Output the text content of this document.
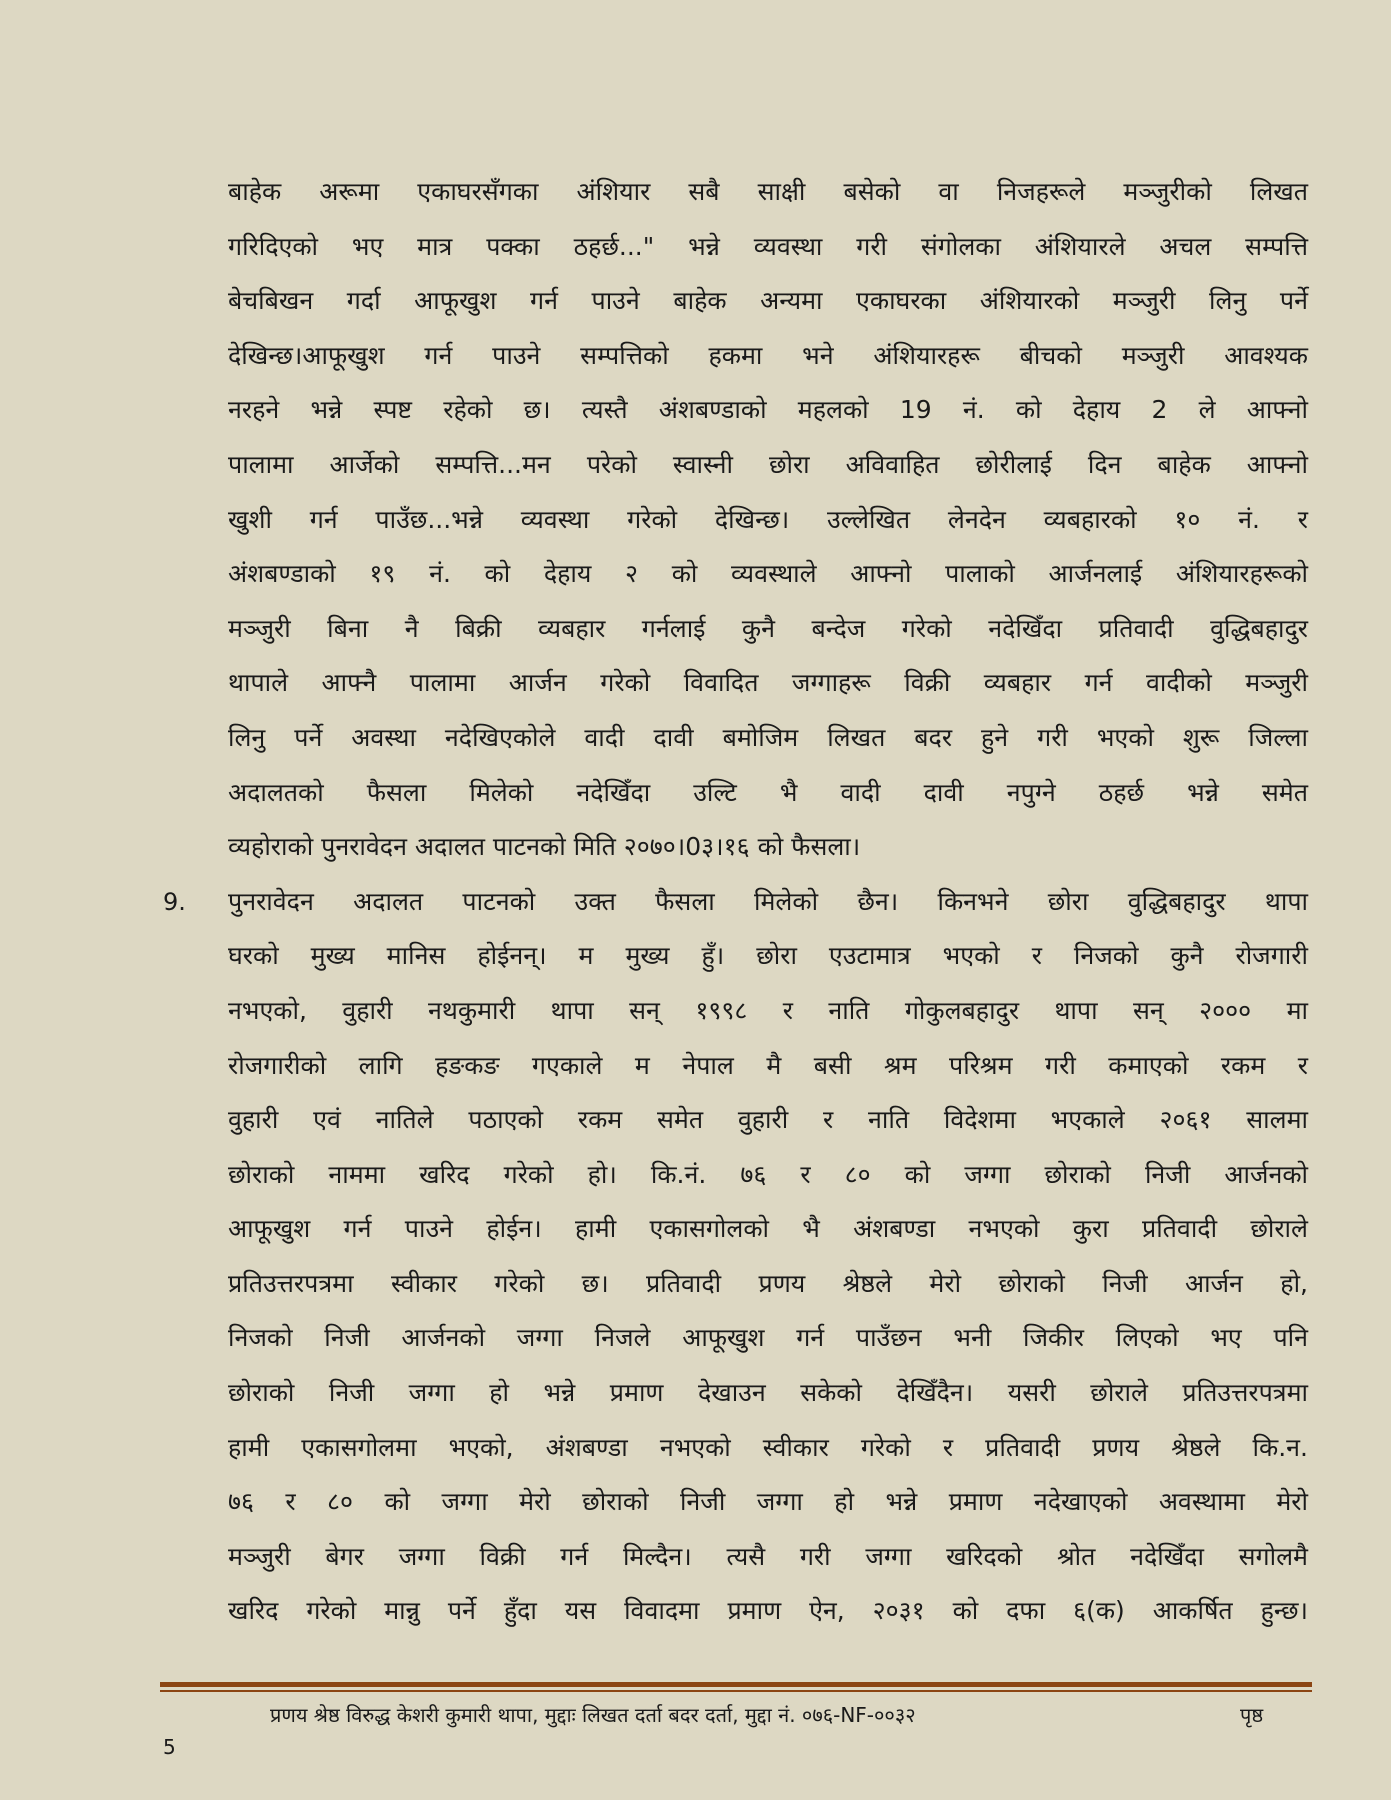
बाहेक अरूमा एकाघरसँगका अंशियार सबै साक्षी बसेको वा निजहरूले मञ्जुरीको लिखत
गरिदिएको भए मात्र पक्का ठहर्छ..." भन्ने व्यवस्था गरी संगोलका अंशियारले अचल सम्पत्ति
बेचबिखन गर्दा आफूखुश गर्न पाउने बाहेक अन्यमा एकाघरका अंशियारको मञ्जुरी लिनु पर्ने
देखिन्छ।आफूखुश गर्न पाउने सम्पत्तिको हकमा भने अंशियारहरू बीचको मञ्जुरी आवश्यक
नरहने भन्ने स्पष्ट रहेको छ। त्यस्तै अंशबण्डाको महलको 19 नं. को देहाय 2 ले आफ्नो
पालामा आर्जेको सम्पत्ति...मन परेको स्वास्नी छोरा अविवाहित छोरीलाई दिन बाहेक आफ्नो
खुशी गर्न पाउँछ...भन्ने व्यवस्था गरेको देखिन्छ। उल्लेखित लेनदेन व्यबहारको १० नं. र
अंशबण्डाको १९ नं. को देहाय २ को व्यवस्थाले आफ्नो पालाको आर्जनलाई अंशियारहरूको
मञ्जुरी बिना नै बिक्री व्यबहार गर्नलाई कुनै बन्देज गरेको नदेखिँदा प्रतिवादी वुद्धिबहादुर
थापाले आफ्नै पालामा आर्जन गरेको विवादित जग्गाहरू विक्री व्यबहार गर्न वादीको मञ्जुरी
लिनु पर्ने अवस्था नदेखिएकोले वादी दावी बमोजिम लिखत बदर हुने गरी भएको शुरू जिल्ला
अदालतको फैसला मिलेको नदेखिँदा उल्टि भै वादी दावी नपुग्ने ठहर्छ भन्ने समेत
व्यहोराको पुनरावेदन अदालत पाटनको मिति २०७०।0३।१६ को फैसला।
पुनरावेदन अदालत पाटनको उक्त फैसला मिलेको छैन। किनभने छोरा वुद्धिबहादुर थापा
घरको मुख्य मानिस होईनन्। म मुख्य हुँ। छोरा एउटामात्र भएको र निजको कुनै रोजगारी
नभएको, वुहारी नथकुमारी थापा सन् १९९८ र नाति गोकुलबहादुर थापा सन् २००० मा
रोजगारीको लागि हङकङ गएकाले म नेपाल मै बसी श्रम परिश्रम गरी कमाएको रकम र
वुहारी एवं नातिले पठाएको रकम समेत वुहारी र नाति विदेशमा भएकाले २०६१ सालमा
छोराको नाममा खरिद गरेको हो। कि.नं. ७६ र ८० को जग्गा छोराको निजी आर्जनको
आफूखुश गर्न पाउने होईन। हामी एकासगोलको भै अंशबण्डा नभएको कुरा प्रतिवादी छोराले
प्रतिउत्तरपत्रमा स्वीकार गरेको छ। प्रतिवादी प्रणय श्रेष्ठले मेरो छोराको निजी आर्जन हो,
निजको निजी आर्जनको जग्गा निजले आफूखुश गर्न पाउँछन भनी जिकीर लिएको भए पनि
छोराको निजी जग्गा हो भन्ने प्रमाण देखाउन सकेको देखिँदैन। यसरी छोराले प्रतिउत्तरपत्रमा
हामी एकासगोलमा भएको, अंशबण्डा नभएको स्वीकार गरेको र प्रतिवादी प्रणय श्रेष्ठले कि.न.
७६ र ८० को जग्गा मेरो छोराको निजी जग्गा हो भन्ने प्रमाण नदेखाएको अवस्थामा मेरो
मञ्जुरी बेगर जग्गा विक्री गर्न मिल्दैन। त्यसै गरी जग्गा खरिदको श्रोत नदेखिँदा सगोलमै
खरिद गरेको मान्नु पर्ने हुँदा यस विवादमा प्रमाण ऐन, २०३१ को दफा ६(क) आकर्षित हुन्छ।
9.
प्रणय श्रेष्ठ विरुद्ध केशरी कुमारी थापा, मुद्दाः लिखत दर्ता बदर दर्ता, मुद्दा नं. ०७६-NF-००३२	पृष्ठ
5
